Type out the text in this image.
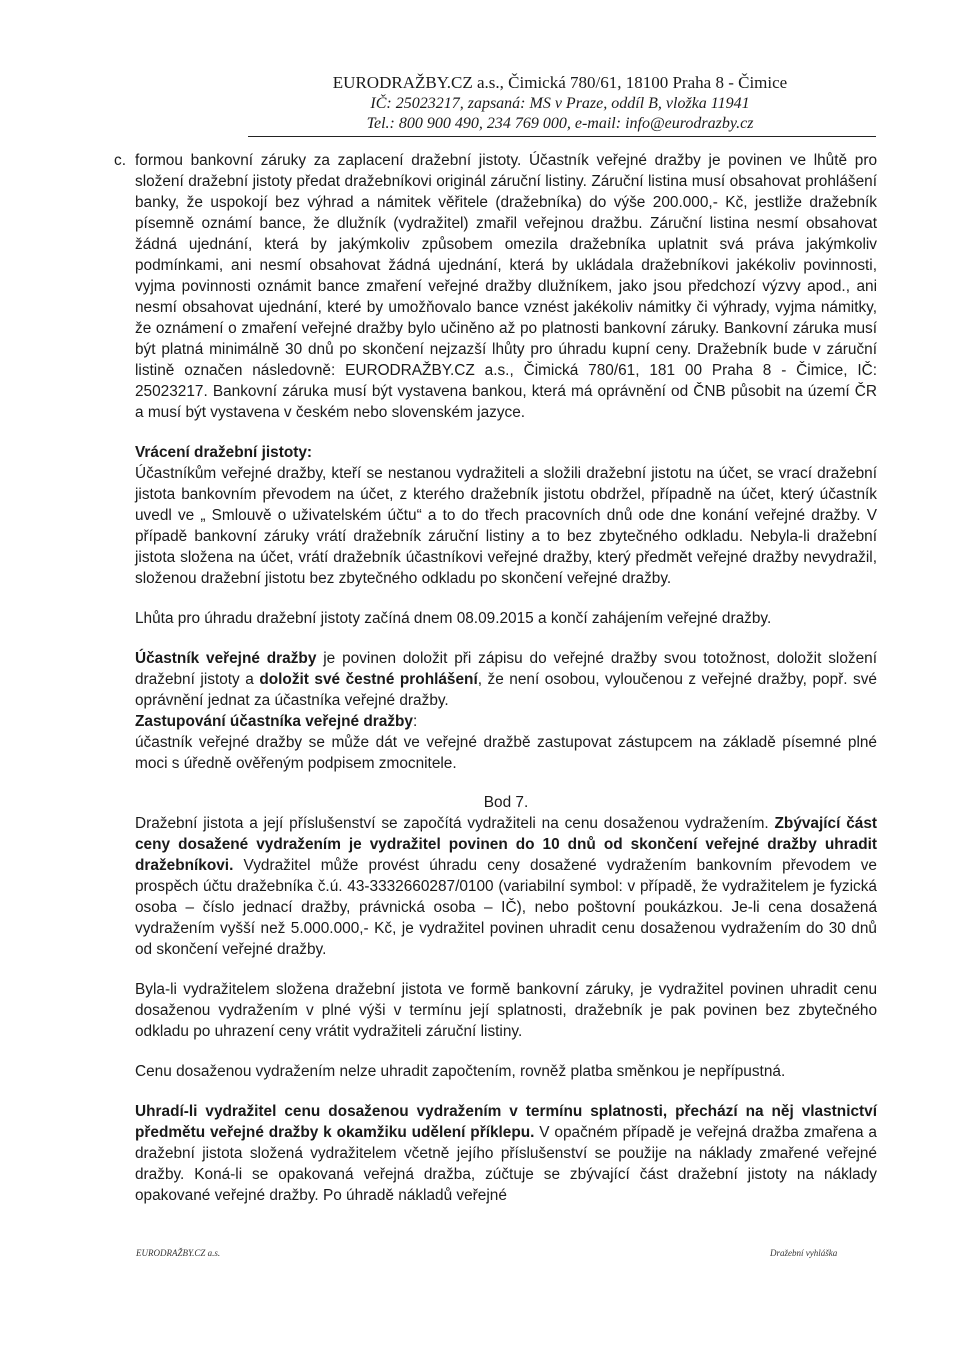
EURODRAŽBY.CZ a.s., Čimická 780/61, 18100 Praha 8 - Čimice
IČ: 25023217, zapsaná: MS v Praze, oddíl B, vložka 11941
Tel.: 800 900 490, 234 769 000, e-mail: info@eurodrazby.cz

c. formou bankovní záruky za zaplacení dražební jistoty. Účastník veřejné dražby je povinen ve lhůtě pro složení dražební jistoty předat dražebníkovi originál záruční listiny. Záruční listina musí obsahovat prohlášení banky, že uspokojí bez výhrad a námitek věřitele (dražebníka) do výše 200.000,- Kč, jestliže dražebník písemně oznámí bance, že dlužník (vydražitel) zmařil veřejnou dražbu. Záruční listina nesmí obsahovat žádná ujednání, která by jakýmkoliv způsobem omezila dražebníka uplatnit svá práva jakýmkoliv podmínkami, ani nesmí obsahovat žádná ujednání, která by ukládala dražebníkovi jakékoliv povinnosti, vyjma povinnosti oznámit bance zmaření veřejné dražby dlužníkem, jako jsou předchozí výzvy apod., ani nesmí obsahovat ujednání, které by umožňovalo bance vznést jakékoliv námitky či výhrady, vyjma námitky, že oznámení o zmaření veřejné dražby bylo učiněno až po platnosti bankovní záruky. Bankovní záruka musí být platná minimálně 30 dnů po skončení nejzazší lhůty pro úhradu kupní ceny. Dražebník bude v záruční listině označen následovně: EURODRAŽBY.CZ a.s., Čimická 780/61, 181 00 Praha 8 - Čimice, IČ: 25023217. Bankovní záruka musí být vystavena bankou, která má oprávnění od ČNB působit na území ČR a musí být vystavena v českém nebo slovenském jazyce.

Vrácení dražební jistoty:

Účastníkům veřejné dražby, kteří se nestanou vydražiteli a složili dražební jistotu na účet, se vrací dražební jistota bankovním převodem na účet, z kterého dražebník jistotu obdržel, případně na účet, který účastník uvedl ve „ Smlouvě o uživatelském účtu“ a to do třech pracovních dnů ode dne konání veřejné dražby. V případě bankovní záruky vrátí dražebník záruční listiny a to bez zbytečného odkladu. Nebyla-li dražební jistota složena na účet, vrátí dražebník účastníkovi veřejné dražby, který předmět veřejné dražby nevydražil, složenou dražební jistotu bez zbytečného odkladu po skončení veřejné dražby.

Lhůta pro úhradu dražební jistoty začíná dnem 08.09.2015 a končí zahájením veřejné dražby.

Účastník veřejné dražby je povinen doložit při zápisu do veřejné dražby svou totožnost, doložit složení dražební jistoty a doložit své čestné prohlášení, že není osobou, vyloučenou z veřejné dražby, popř. své oprávnění jednat za účastníka veřejné dražby.

Zastupování účastníka veřejné dražby:

účastník veřejné dražby se může dát ve veřejné dražbě zastupovat zástupcem na základě písemné plné moci s úředně ověřeným podpisem zmocnitele.

Bod 7.

Dražební jistota a její příslušenství se započítá vydražiteli na cenu dosaženou vydražením. Zbývající část ceny dosažené vydražením je vydražitel povinen do 10 dnů od skončení veřejné dražby uhradit dražebníkovi. Vydražitel může provést úhradu ceny dosažené vydražením bankovním převodem ve prospěch účtu dražebníka č.ú. 43-3332660287/0100 (variabilní symbol: v případě, že vydražitelem je fyzická osoba – číslo jednací dražby, právnická osoba – IČ), nebo poštovní poukázkou. Je-li cena dosažená vydražením vyšší než 5.000.000,- Kč, je vydražitel povinen uhradit cenu dosaženou vydražením do 30 dnů od skončení veřejné dražby.

Byla-li vydražitelem složena dražební jistota ve formě bankovní záruky, je vydražitel povinen uhradit cenu dosaženou vydražením v plné výši v termínu její splatnosti, dražebník je pak povinen bez zbytečného odkladu po uhrazení ceny vrátit vydražiteli záruční listiny.

Cenu dosaženou vydražením nelze uhradit započtením, rovněž platba směnkou je nepřípustná.

Uhradí-li vydražitel cenu dosaženou vydražením v termínu splatnosti, přechází na něj vlastnictví předmětu veřejné dražby k okamžiku udělení příklepu. V opačném případě je veřejná dražba zmařena a dražební jistota složená vydražitelem včetně jejího příslušenství se použije na náklady zmařené veřejné dražby. Koná-li se opakovaná veřejná dražba, zúčtuje se zbývající část dražební jistoty na náklady opakované veřejné dražby. Po úhradě nákladů veřejné

EURODRAŽBY.CZ a.s.	Dražební vyhláška
